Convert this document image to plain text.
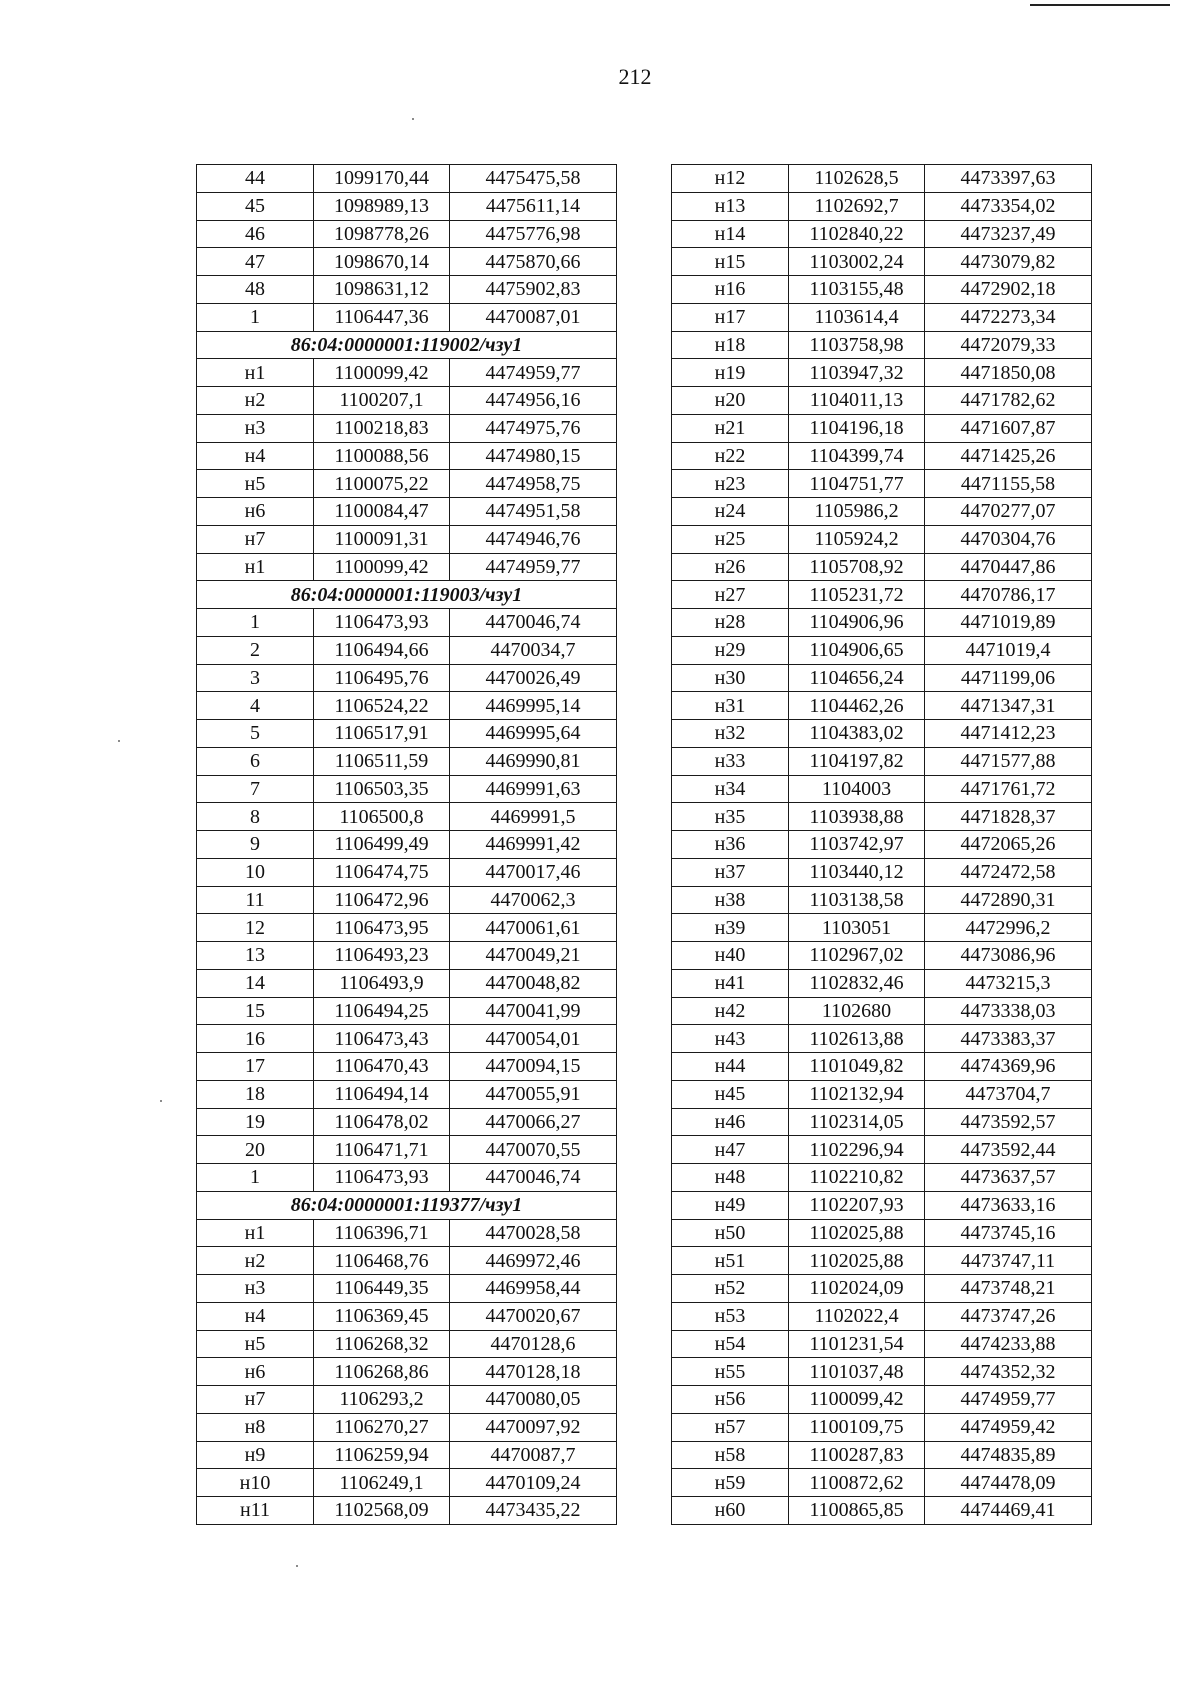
212
44	1099170,44	4475475,58
45	1098989,13	4475611,14
46	1098778,26	4475776,98
47	1098670,14	4475870,66
48	1098631,12	4475902,83
1	1106447,36	4470087,01
86:04:0000001:119002/чзу1		
н1	1100099,42	4474959,77
н2	1100207,1	4474956,16
н3	1100218,83	4474975,76
н4	1100088,56	4474980,15
н5	1100075,22	4474958,75
н6	1100084,47	4474951,58
н7	1100091,31	4474946,76
н1	1100099,42	4474959,77
86:04:0000001:119003/чзу1		
1	1106473,93	4470046,74
2	1106494,66	4470034,7
3	1106495,76	4470026,49
4	1106524,22	4469995,14
5	1106517,91	4469995,64
6	1106511,59	4469990,81
7	1106503,35	4469991,63
8	1106500,8	4469991,5
9	1106499,49	4469991,42
10	1106474,75	4470017,46
11	1106472,96	4470062,3
12	1106473,95	4470061,61
13	1106493,23	4470049,21
14	1106493,9	4470048,82
15	1106494,25	4470041,99
16	1106473,43	4470054,01
17	1106470,43	4470094,15
18	1106494,14	4470055,91
19	1106478,02	4470066,27
20	1106471,71	4470070,55
1	1106473,93	4470046,74
86:04:0000001:119377/чзу1		
н1	1106396,71	4470028,58
н2	1106468,76	4469972,46
н3	1106449,35	4469958,44
н4	1106369,45	4470020,67
н5	1106268,32	4470128,6
н6	1106268,86	4470128,18
н7	1106293,2	4470080,05
н8	1106270,27	4470097,92
н9	1106259,94	4470087,7
н10	1106249,1	4470109,24
н11	1102568,09	4473435,22
н12	1102628,5	4473397,63
н13	1102692,7	4473354,02
н14	1102840,22	4473237,49
н15	1103002,24	4473079,82
н16	1103155,48	4472902,18
н17	1103614,4	4472273,34
н18	1103758,98	4472079,33
н19	1103947,32	4471850,08
н20	1104011,13	4471782,62
н21	1104196,18	4471607,87
н22	1104399,74	4471425,26
н23	1104751,77	4471155,58
н24	1105986,2	4470277,07
н25	1105924,2	4470304,76
н26	1105708,92	4470447,86
н27	1105231,72	4470786,17
н28	1104906,96	4471019,89
н29	1104906,65	4471019,4
н30	1104656,24	4471199,06
н31	1104462,26	4471347,31
н32	1104383,02	4471412,23
н33	1104197,82	4471577,88
н34	1104003	4471761,72
н35	1103938,88	4471828,37
н36	1103742,97	4472065,26
н37	1103440,12	4472472,58
н38	1103138,58	4472890,31
н39	1103051	4472996,2
н40	1102967,02	4473086,96
н41	1102832,46	4473215,3
н42	1102680	4473338,03
н43	1102613,88	4473383,37
н44	1101049,82	4474369,96
н45	1102132,94	4473704,7
н46	1102314,05	4473592,57
н47	1102296,94	4473592,44
н48	1102210,82	4473637,57
н49	1102207,93	4473633,16
н50	1102025,88	4473745,16
н51	1102025,88	4473747,11
н52	1102024,09	4473748,21
н53	1102022,4	4473747,26
н54	1101231,54	4474233,88
н55	1101037,48	4474352,32
н56	1100099,42	4474959,77
н57	1100109,75	4474959,42
н58	1100287,83	4474835,89
н59	1100872,62	4474478,09
н60	1100865,85	4474469,41
